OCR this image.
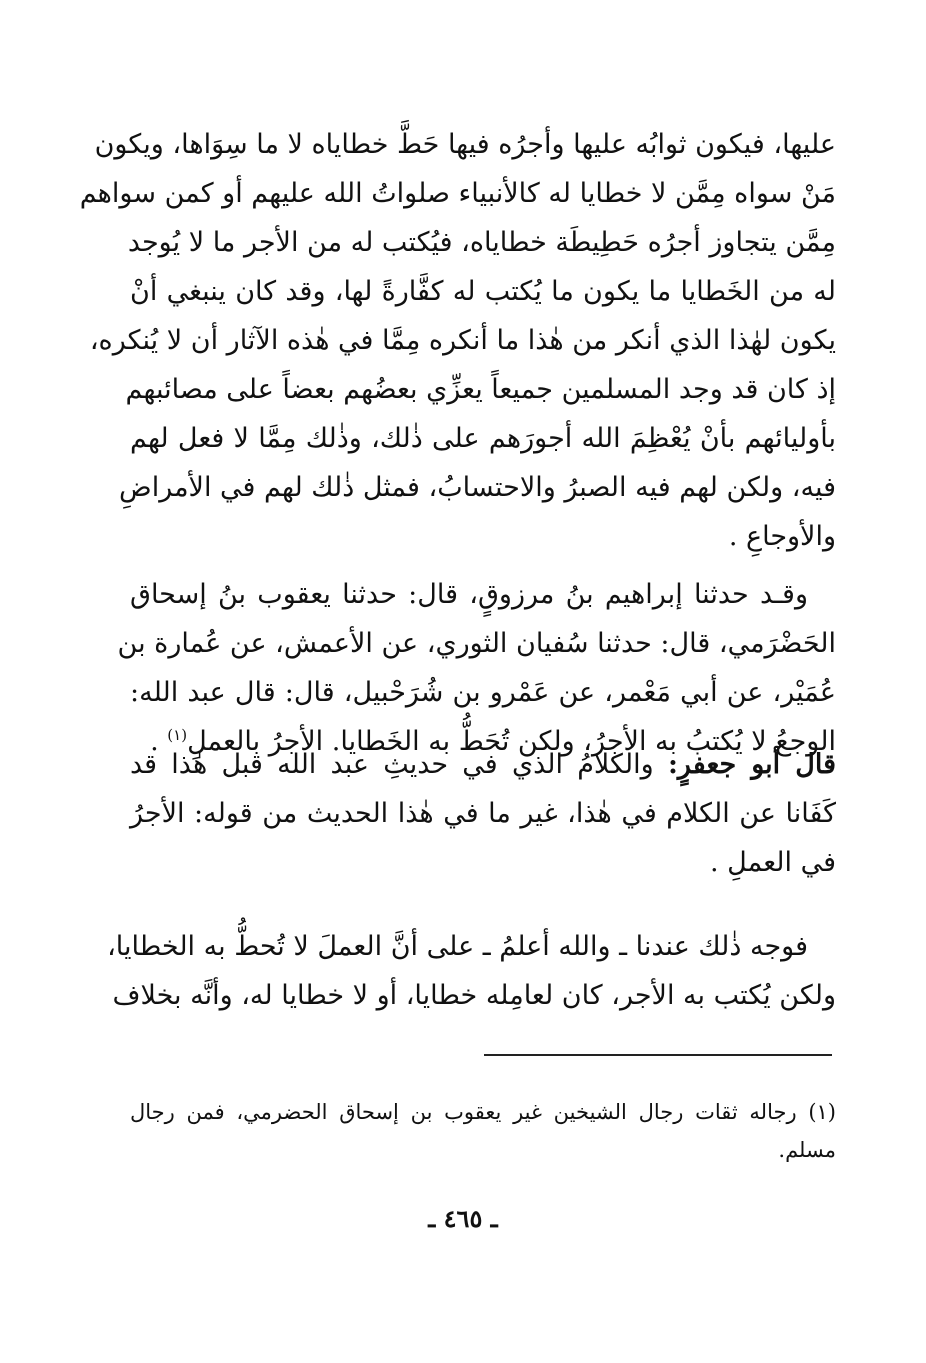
عليها، فيكون ثوابُه عليها وأجرُه فيها حَطَّ خطاياه لا ما سِوَاها، ويكون
مَنْ سواه مِمَّن لا خطايا له كالأنبياء صلواتُ الله عليهم أو كمن سواهم
مِمَّن يتجاوز أجرُه حَطِيطَة خطاياه، فيُكتب له من الأجر ما لا يُوجد
له من الخَطايا ما يكون ما يُكتب له كفَّارةً لها، وقد كان ينبغي أنْ
يكون لهٰذا الذي أنكر من هٰذا ما أنكره مِمَّا في هٰذه الآثار أن لا يُنكره،
إذ كان قد وجد المسلمين جميعاً يعزِّي بعضُهم بعضاً على مصائبهم
بأوليائهم بأنْ يُعْظِمَ الله أجورَهم على ذٰلك، وذٰلك مِمَّا لا فعل لهم
فيه، ولكن لهم فيه الصبرُ والاحتسابُ، فمثل ذٰلك لهم في الأمراضِ
والأوجاعِ .
وقـد حدثنا إبراهيم بنُ مرزوقٍ، قال: حدثنا يعقوب بنُ إسحاق
الحَضْرَمي، قال: حدثنا سُفيان الثوري، عن الأعمش، عن عُمارة بن
عُمَيْر، عن أبي مَعْمر، عن عَمْرو بن شُرَحْبيل، قال: قال عبد الله:
الوجعُ لا يُكتبُ به الأجرُ، ولكن تُحَطُّ به الخَطايا. الأجرُ بالعملِ$^{(١)}$ .
قال أبو جعفرٍ: والكلامُ الذي في حديثِ عبد الله قبل هٰذا قد
كَفَانا عن الكلام في هٰذا، غير ما في هٰذا الحديث من قوله: الأجرُ
في العملِ .
فوجه ذٰلك عندنا ـ والله أعلمُ ـ على أنَّ العملَ لا تُحطُّ به الخطايا،
ولكن يُكتب به الأجر، كان لعامِله خطايا، أو لا خطايا له، وأنَّه بخلاف
(١) رجاله ثقات رجال الشيخين غير يعقوب بن إسحاق الحضرمي، فمن رجال
مسلم.
ـ ٤٦٥ ـ
